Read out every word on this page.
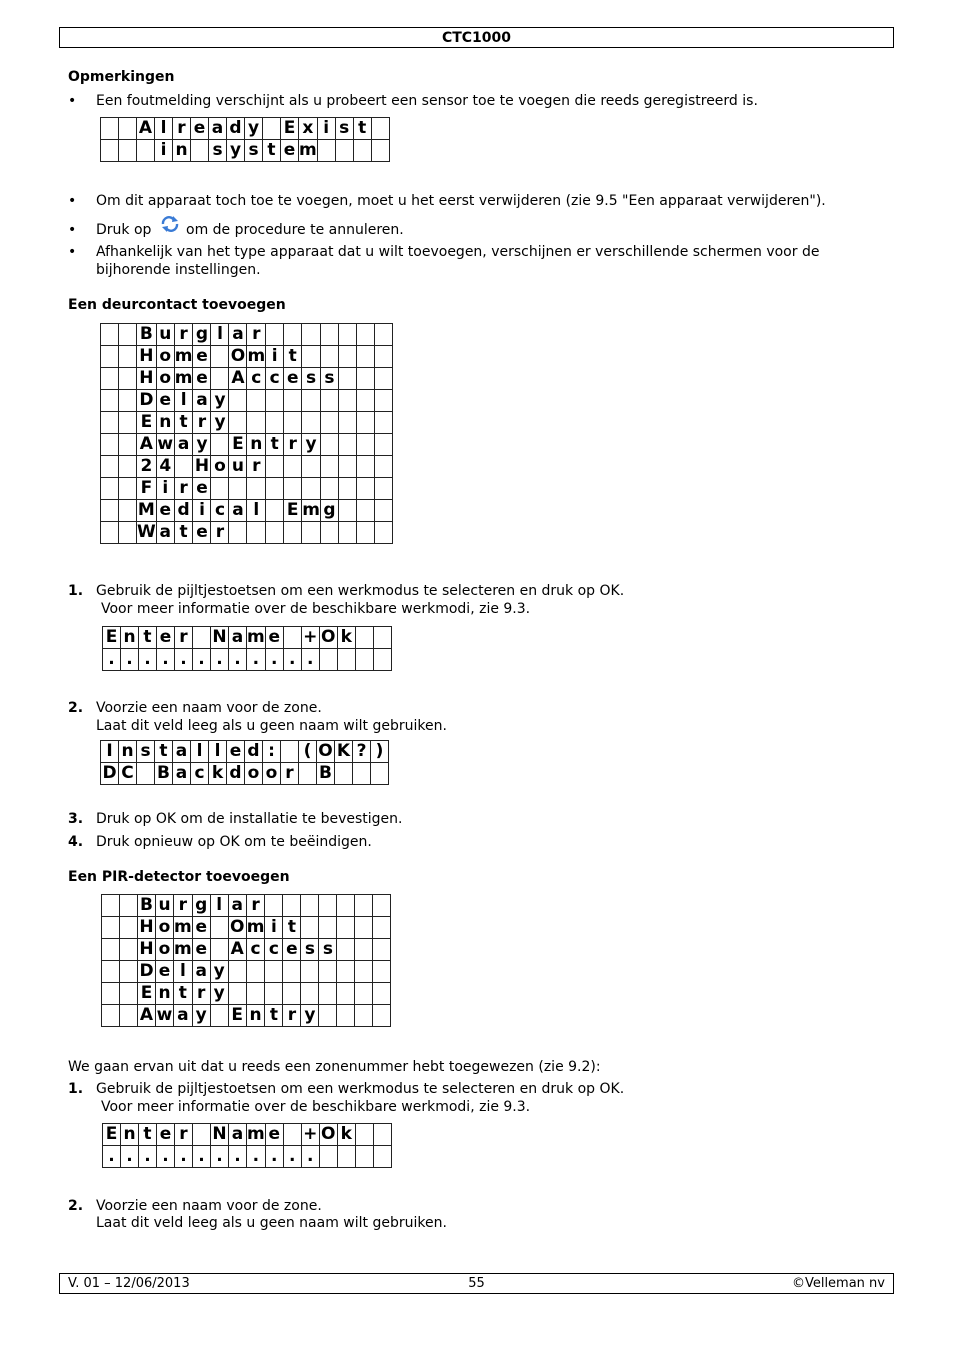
CTC1000
Opmerkingen
• Een foutmelding verschijnt als u probeert een sensor toe te voegen die reeds geregistreerd is.
		A	l	r	e	a	d	y		E	x	i	s	t	
			i	n		s	y	s	t	e	m				
• Om dit apparaat toch toe te voegen, moet u het eerst verwijderen (zie 9.5 "Een apparaat verwijderen").
• Druk op om de procedure te annuleren.
• Afhankelijk van het type apparaat dat u wilt toevoegen, verschijnen er verschillende schermen voor de
bijhorende instellingen.
Een deurcontact toevoegen
		B	u	r	g	l	a	r							
		H	o	m	e		O	m	i	t					
		H	o	m	e		A	c	c	e	s	s			
		D	e	l	a	y									
		E	n	t	r	y									
		A	w	a	y		E	n	t	r	y				
		2	4		H	o	u	r							
		F	i	r	e										
		M	e	d	i	c	a	l		E	m	g			
		W	a	t	e	r									
1. Gebruik de pijltjestoetsen om een werkmodus te selecteren en druk op OK.
Voor meer informatie over de beschikbare werkmodi, zie 9.3.
E	n	t	e	r		N	a	m	e		+	O	k		
.	.	.	.	.	.	.	.	.	.	.	.				
2. Voorzie een naam voor de zone.
Laat dit veld leeg als u geen naam wilt gebruiken.
I	n	s	t	a	l	l	e	d	:		(	O	K	?	)
D	C		B	a	c	k	d	o	o	r		B			
3. Druk op OK om de installatie te bevestigen.
4. Druk opnieuw op OK om te beëindigen.
Een PIR-detector toevoegen
		B	u	r	g	l	a	r							
		H	o	m	e		O	m	i	t					
		H	o	m	e		A	c	c	e	s	s			
		D	e	l	a	y									
		E	n	t	r	y									
		A	w	a	y		E	n	t	r	y				
We gaan ervan uit dat u reeds een zonenummer hebt toegewezen (zie 9.2):
1. Gebruik de pijltjestoetsen om een werkmodus te selecteren en druk op OK.
Voor meer informatie over de beschikbare werkmodi, zie 9.3.
E	n	t	e	r		N	a	m	e		+	O	k		
.	.	.	.	.	.	.	.	.	.	.	.				
2. Voorzie een naam voor de zone.
Laat dit veld leeg als u geen naam wilt gebruiken.
V. 01 – 12/06/2013	55	©Velleman nv
